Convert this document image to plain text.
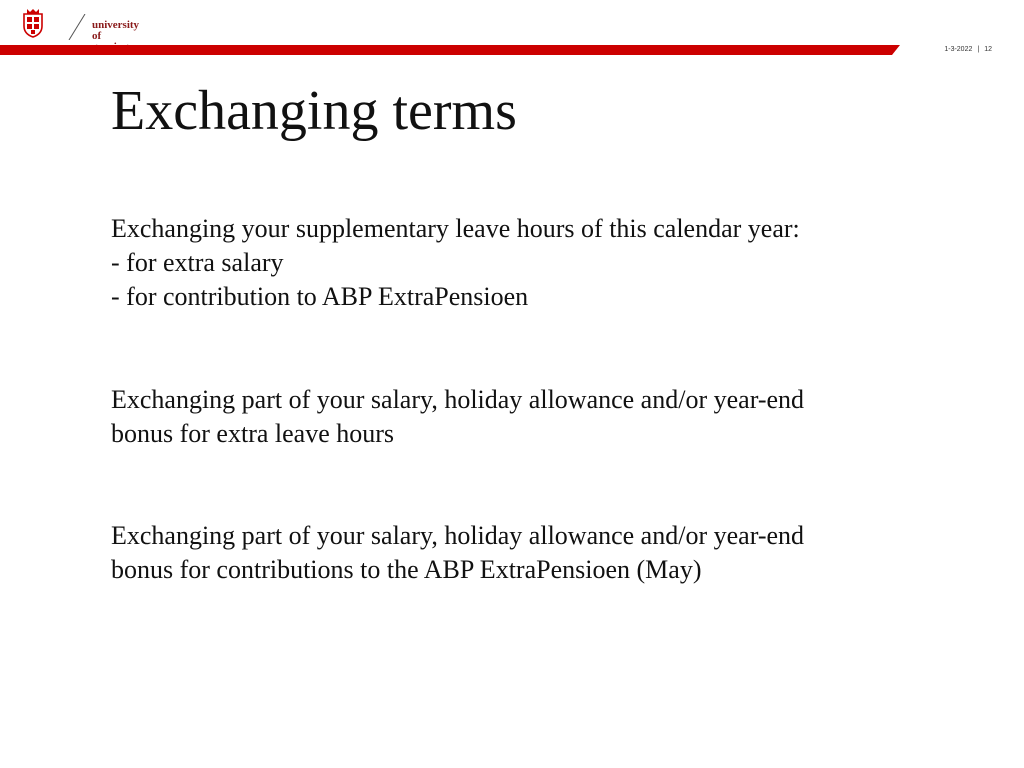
university of
1-3-2022 | 12
Exchanging terms
Exchanging your supplementary leave hours of this calendar year:
- for extra salary
- for contribution to ABP ExtraPensioen
Exchanging part of your salary, holiday allowance and/or year-end
bonus for extra leave hours
Exchanging part of your salary, holiday allowance and/or year-end
bonus for contributions to the ABP ExtraPensioen (May)
